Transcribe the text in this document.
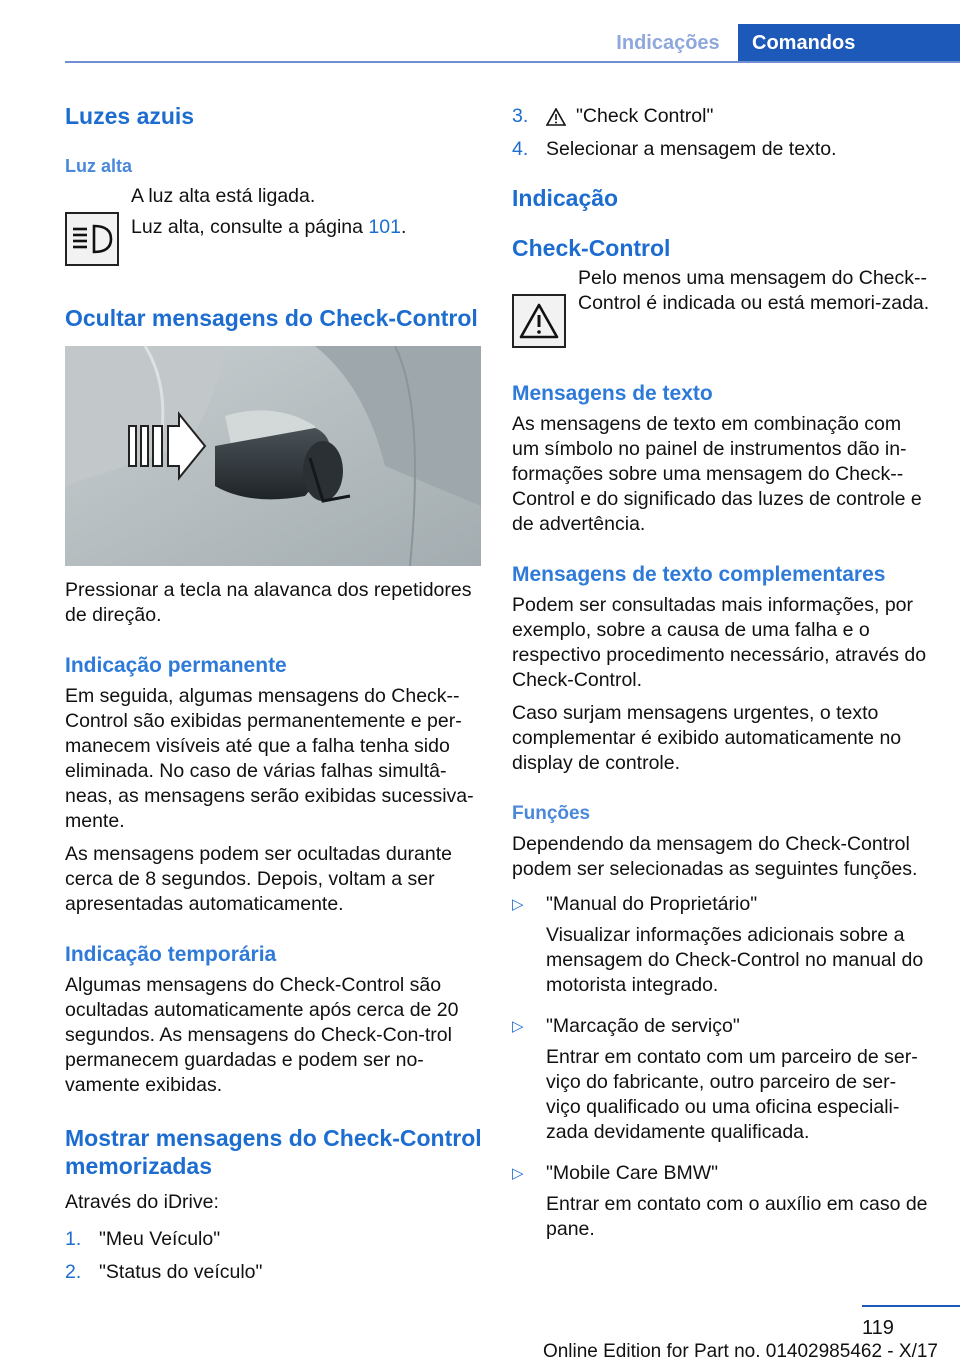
Indicações	Comandos
Luzes azuis
Luz alta
A luz alta está ligada.
Luz alta, consulte a página 101.
Ocultar mensagens do Check-Control
Pressionar a tecla na alavanca dos repetidores de direção.
Indicação permanente
Em seguida, algumas mensagens do Check--Control são exibidas permanentemente e per-manecem visíveis até que a falha tenha sido eliminada. No caso de várias falhas simultâ-neas, as mensagens serão exibidas sucessiva-mente.
As mensagens podem ser ocultadas durante cerca de 8 segundos. Depois, voltam a ser apresentadas automaticamente.
Indicação temporária
Algumas mensagens do Check-Control são ocultadas automaticamente após cerca de 20 segundos. As mensagens do Check-Con-trol permanecem guardadas e podem ser no-vamente exibidas.
Mostrar mensagens do Check-Control memorizadas
Através do iDrive:
1. "Meu Veículo"
2. "Status do veículo"
3.	"Check Control"
4. Selecionar a mensagem de texto.
Indicação
Check-Control
Pelo menos uma mensagem do Check--Control é indicada ou está memori-zada.
Mensagens de texto
As mensagens de texto em combinação com um símbolo no painel de instrumentos dão in-formações sobre uma mensagem do Check--Control e do significado das luzes de controle e de advertência.
Mensagens de texto complementares
Podem ser consultadas mais informações, por exemplo, sobre a causa de uma falha e o respectivo procedimento necessário, através do Check-Control.
Caso surjam mensagens urgentes, o texto complementar é exibido automaticamente no display de controle.
Funções
Dependendo da mensagem do Check-Control podem ser selecionadas as seguintes funções.
▷	"Manual do Proprietário"
Visualizar informações adicionais sobre a mensagem do Check-Control no manual do motorista integrado.
▷	"Marcação de serviço"
Entrar em contato com um parceiro de ser-viço do fabricante, outro parceiro de ser-viço qualificado ou uma oficina especiali-zada devidamente qualificada.
▷	"Mobile Care BMW"
Entrar em contato com o auxílio em caso de pane.
119
Online Edition for Part no. 01402985462 - X/17
